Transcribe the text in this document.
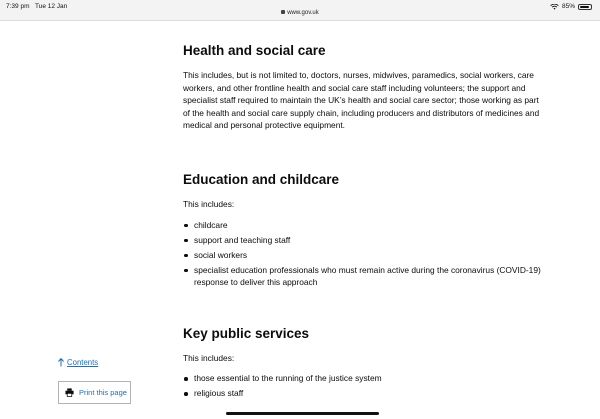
7:39 pm Tue 12 Jan
www.gov.uk
85%
Health and social care

This includes, but is not limited to, doctors, nurses, midwives, paramedics, social workers, care workers, and other frontline health and social care staff including volunteers; the support and specialist staff required to maintain the UK’s health and social care sector; those working as part of the health and social care supply chain, including producers and distributors of medicines and medical and personal protective equipment.

Education and childcare

This includes:

childcare
support and teaching staff
social workers
specialist education professionals who must remain active during the coronavirus (COVID-19) response to deliver this approach
Key public services

This includes:

those essential to the running of the justice system
religious staff
Contents
Print this page
